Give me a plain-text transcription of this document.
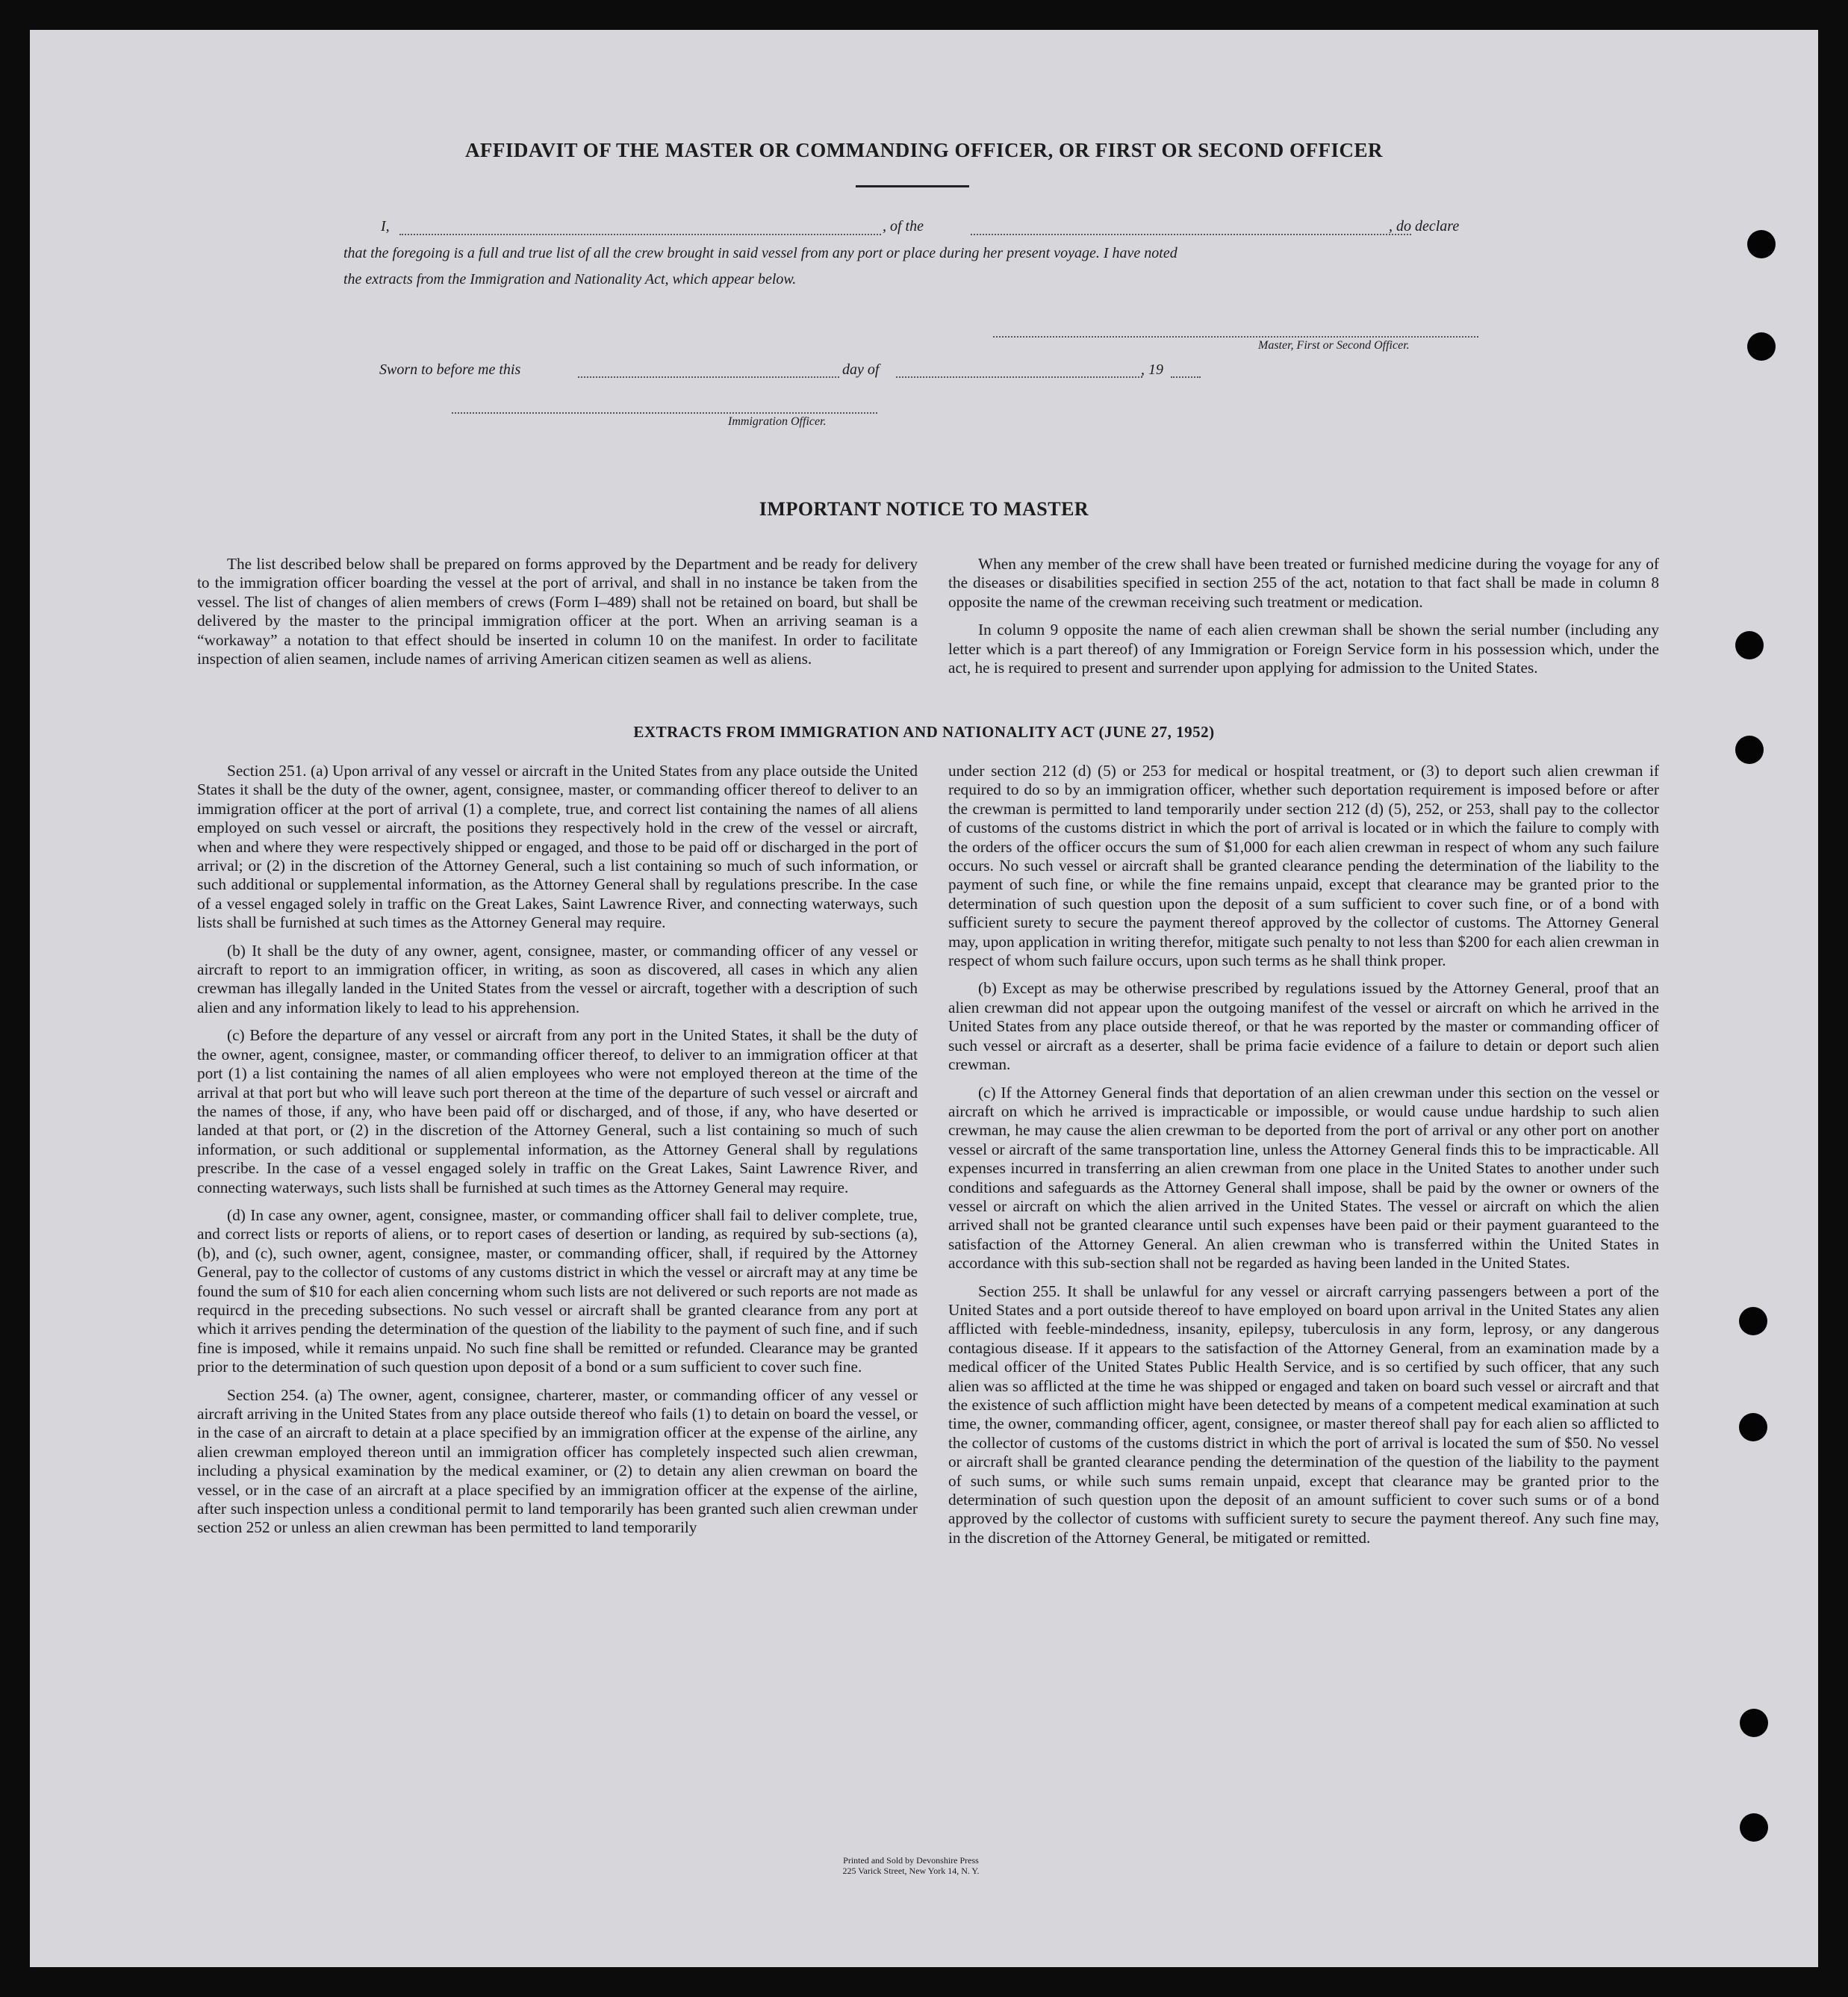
AFFIDAVIT OF THE MASTER OR COMMANDING OFFICER, OR FIRST OR SECOND OFFICER
I,	, of the	, do declare
that the foregoing is a full and true list of all the crew brought in said vessel from any port or place during her present voyage. I have noted
the extracts from the Immigration and Nationality Act, which appear below.
Master, First or Second Officer.
Sworn to before me this	day of	, 19
Immigration Officer.
IMPORTANT NOTICE TO MASTER

The list described below shall be prepared on forms approved by the Department and be ready for delivery to the immigration officer boarding the vessel at the port of arrival, and shall in no instance be taken from the vessel. The list of changes of alien members of crews (Form I–489) shall not be retained on board, but shall be delivered by the master to the principal immigration officer at the port. When an arriving seaman is a “workaway” a notation to that effect should be inserted in column 10 on the manifest. In order to facilitate inspection of alien seamen, include names of arriving American citizen seamen as well as aliens.

When any member of the crew shall have been treated or furnished medicine during the voyage for any of the diseases or disabilities specified in section 255 of the act, notation to that fact shall be made in column 8 opposite the name of the crewman receiving such treatment or medication.

In column 9 opposite the name of each alien crewman shall be shown the serial number (including any letter which is a part thereof) of any Immigration or Foreign Service form in his possession which, under the act, he is required to present and surrender upon applying for admission to the United States.

EXTRACTS FROM IMMIGRATION AND NATIONALITY ACT (JUNE 27, 1952)

Section 251. (a) Upon arrival of any vessel or aircraft in the United States from any place outside the United States it shall be the duty of the owner, agent, consignee, master, or commanding officer thereof to deliver to an immigration officer at the port of arrival (1) a complete, true, and correct list containing the names of all aliens employed on such vessel or aircraft, the positions they respectively hold in the crew of the vessel or aircraft, when and where they were respectively shipped or engaged, and those to be paid off or discharged in the port of arrival; or (2) in the discretion of the Attorney General, such a list containing so much of such information, or such additional or supplemental information, as the Attorney General shall by regulations prescribe. In the case of a vessel engaged solely in traffic on the Great Lakes, Saint Lawrence River, and connecting waterways, such lists shall be furnished at such times as the Attorney General may require.

(b) It shall be the duty of any owner, agent, consignee, master, or commanding officer of any vessel or aircraft to report to an immigration officer, in writing, as soon as discovered, all cases in which any alien crewman has illegally landed in the United States from the vessel or aircraft, together with a description of such alien and any information likely to lead to his apprehension.

(c) Before the departure of any vessel or aircraft from any port in the United States, it shall be the duty of the owner, agent, consignee, master, or commanding officer thereof, to deliver to an immigration officer at that port (1) a list containing the names of all alien employees who were not employed thereon at the time of the arrival at that port but who will leave such port thereon at the time of the departure of such vessel or aircraft and the names of those, if any, who have been paid off or discharged, and of those, if any, who have deserted or landed at that port, or (2) in the discretion of the Attorney General, such a list containing so much of such information, or such additional or supplemental information, as the Attorney General shall by regulations prescribe. In the case of a vessel engaged solely in traffic on the Great Lakes, Saint Lawrence River, and connecting waterways, such lists shall be furnished at such times as the Attorney General may require.

(d) In case any owner, agent, consignee, master, or commanding officer shall fail to deliver complete, true, and correct lists or reports of aliens, or to report cases of desertion or landing, as required by sub-sections (a), (b), and (c), such owner, agent, consignee, master, or commanding officer, shall, if required by the Attorney General, pay to the collector of customs of any customs district in which the vessel or aircraft may at any time be found the sum of $10 for each alien concerning whom such lists are not delivered or such reports are not made as requircd in the preceding subsections. No such vessel or aircraft shall be granted clearance from any port at which it arrives pending the determination of the question of the liability to the payment of such fine, and if such fine is imposed, while it remains unpaid. No such fine shall be remitted or refunded. Clearance may be granted prior to the determination of such question upon deposit of a bond or a sum sufficient to cover such fine.

Section 254. (a) The owner, agent, consignee, charterer, master, or commanding officer of any vessel or aircraft arriving in the United States from any place outside thereof who fails (1) to detain on board the vessel, or in the case of an aircraft to detain at a place specified by an immigration officer at the expense of the airline, any alien crewman employed thereon until an immigration officer has completely inspected such alien crewman, including a physical examination by the medical examiner, or (2) to detain any alien crewman on board the vessel, or in the case of an aircraft at a place specified by an immigration officer at the expense of the airline, after such inspection unless a conditional permit to land temporarily has been granted such alien crewman under section 252 or unless an alien crewman has been permitted to land temporarily

under section 212 (d) (5) or 253 for medical or hospital treatment, or (3) to deport such alien crewman if required to do so by an immigration officer, whether such deportation requirement is imposed before or after the crewman is permitted to land temporarily under section 212 (d) (5), 252, or 253, shall pay to the collector of customs of the customs district in which the port of arrival is located or in which the failure to comply with the orders of the officer occurs the sum of $1,000 for each alien crewman in respect of whom any such failure occurs. No such vessel or aircraft shall be granted clearance pending the determination of the liability to the payment of such fine, or while the fine remains unpaid, except that clearance may be granted prior to the determination of such question upon the deposit of a sum sufficient to cover such fine, or of a bond with sufficient surety to secure the payment thereof approved by the collector of customs. The Attorney General may, upon application in writing therefor, mitigate such penalty to not less than $200 for each alien crewman in respect of whom such failure occurs, upon such terms as he shall think proper.

(b) Except as may be otherwise prescribed by regulations issued by the Attorney General, proof that an alien crewman did not appear upon the outgoing manifest of the vessel or aircraft on which he arrived in the United States from any place outside thereof, or that he was reported by the master or commanding officer of such vessel or aircraft as a deserter, shall be prima facie evidence of a failure to detain or deport such alien crewman.

(c) If the Attorney General finds that deportation of an alien crewman under this section on the vessel or aircraft on which he arrived is impracticable or impossible, or would cause undue hardship to such alien crewman, he may cause the alien crewman to be deported from the port of arrival or any other port on another vessel or aircraft of the same transportation line, unless the Attorney General finds this to be impracticable. All expenses incurred in transferring an alien crewman from one place in the United States to another under such conditions and safeguards as the Attorney General shall impose, shall be paid by the owner or owners of the vessel or aircraft on which the alien arrived in the United States. The vessel or aircraft on which the alien arrived shall not be granted clearance until such expenses have been paid or their payment guaranteed to the satisfaction of the Attorney General. An alien crewman who is transferred within the United States in accordance with this sub-section shall not be regarded as having been landed in the United States.

Section 255. It shall be unlawful for any vessel or aircraft carrying passengers between a port of the United States and a port outside thereof to have employed on board upon arrival in the United States any alien afflicted with feeble-mindedness, insanity, epilepsy, tuberculosis in any form, leprosy, or any dangerous contagious disease. If it appears to the satisfaction of the Attorney General, from an examination made by a medical officer of the United States Public Health Service, and is so certified by such officer, that any such alien was so afflicted at the time he was shipped or engaged and taken on board such vessel or aircraft and that the existence of such affliction might have been detected by means of a competent medical examination at such time, the owner, commanding officer, agent, consignee, or master thereof shall pay for each alien so afflicted to the collector of customs of the customs district in which the port of arrival is located the sum of $50. No vessel or aircraft shall be granted clearance pending the determination of the question of the liability to the payment of such sums, or while such sums remain unpaid, except that clearance may be granted prior to the determination of such question upon the deposit of an amount sufficient to cover such sums or of a bond approved by the collector of customs with sufficient surety to secure the payment thereof. Any such fine may, in the discretion of the Attorney General, be mitigated or remitted.

Printed and Sold by Devonshire Press
225 Varick Street, New York 14, N. Y.
